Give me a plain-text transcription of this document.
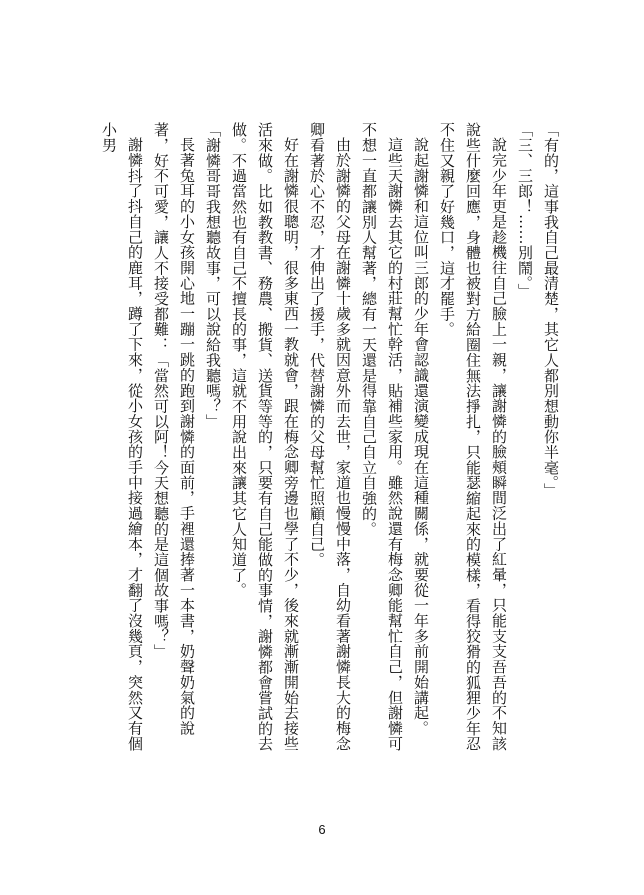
「有的，這事我自己最清楚，其它人都別想動你半毫。」

「三、三郎！……別鬧。」

說完少年更是趁機往自己臉上一親，讓謝憐的臉頰瞬間泛出了紅暈，只能支支吾吾的不知該說些什麼回應，身體也被對方給圈住無法掙扎，只能瑟縮起來的模樣，看得狡猾的狐狸少年忍不住又親了好幾口，這才罷手。

說起謝憐和這位叫三郎的少年會認識還演變成現在這種關係，就要從一年多前開始講起。

這些天謝憐去其它的村莊幫忙幹活，貼補些家用。雖然說還有梅念卿能幫忙自己，但謝憐可不想一直都讓別人幫著，總有一天還是得靠自己自立自強的。

由於謝憐的父母在謝憐十歲多就因意外而去世，家道也慢慢中落，自幼看著謝憐長大的梅念卿看著於心不忍，才伸出了援手，代替謝憐的父母幫忙照顧自己。

好在謝憐很聰明，很多東西一教就會，跟在梅念卿旁邊也學了不少，後來就漸漸開始去接些活來做。比如教教書、務農、搬貨、送貨等等的，只要有自己能做的事情，謝憐都會嘗試的去做。不過當然也有自己不擅長的事，這就不用說出來讓其它人知道了。

「謝憐哥哥我想聽故事，可以說給我聽嗎？」

長著兔耳的小女孩開心地一蹦一跳的跑到謝憐的面前，手裡還捧著一本書，奶聲奶氣的說著，好不可愛，讓人不接受都難：「當然可以阿！今天想聽的是這個故事嗎？」

謝憐抖了抖自己的鹿耳，蹲了下來，從小女孩的手中接過繪本，才翻了沒幾頁，突然又有個小男

6
